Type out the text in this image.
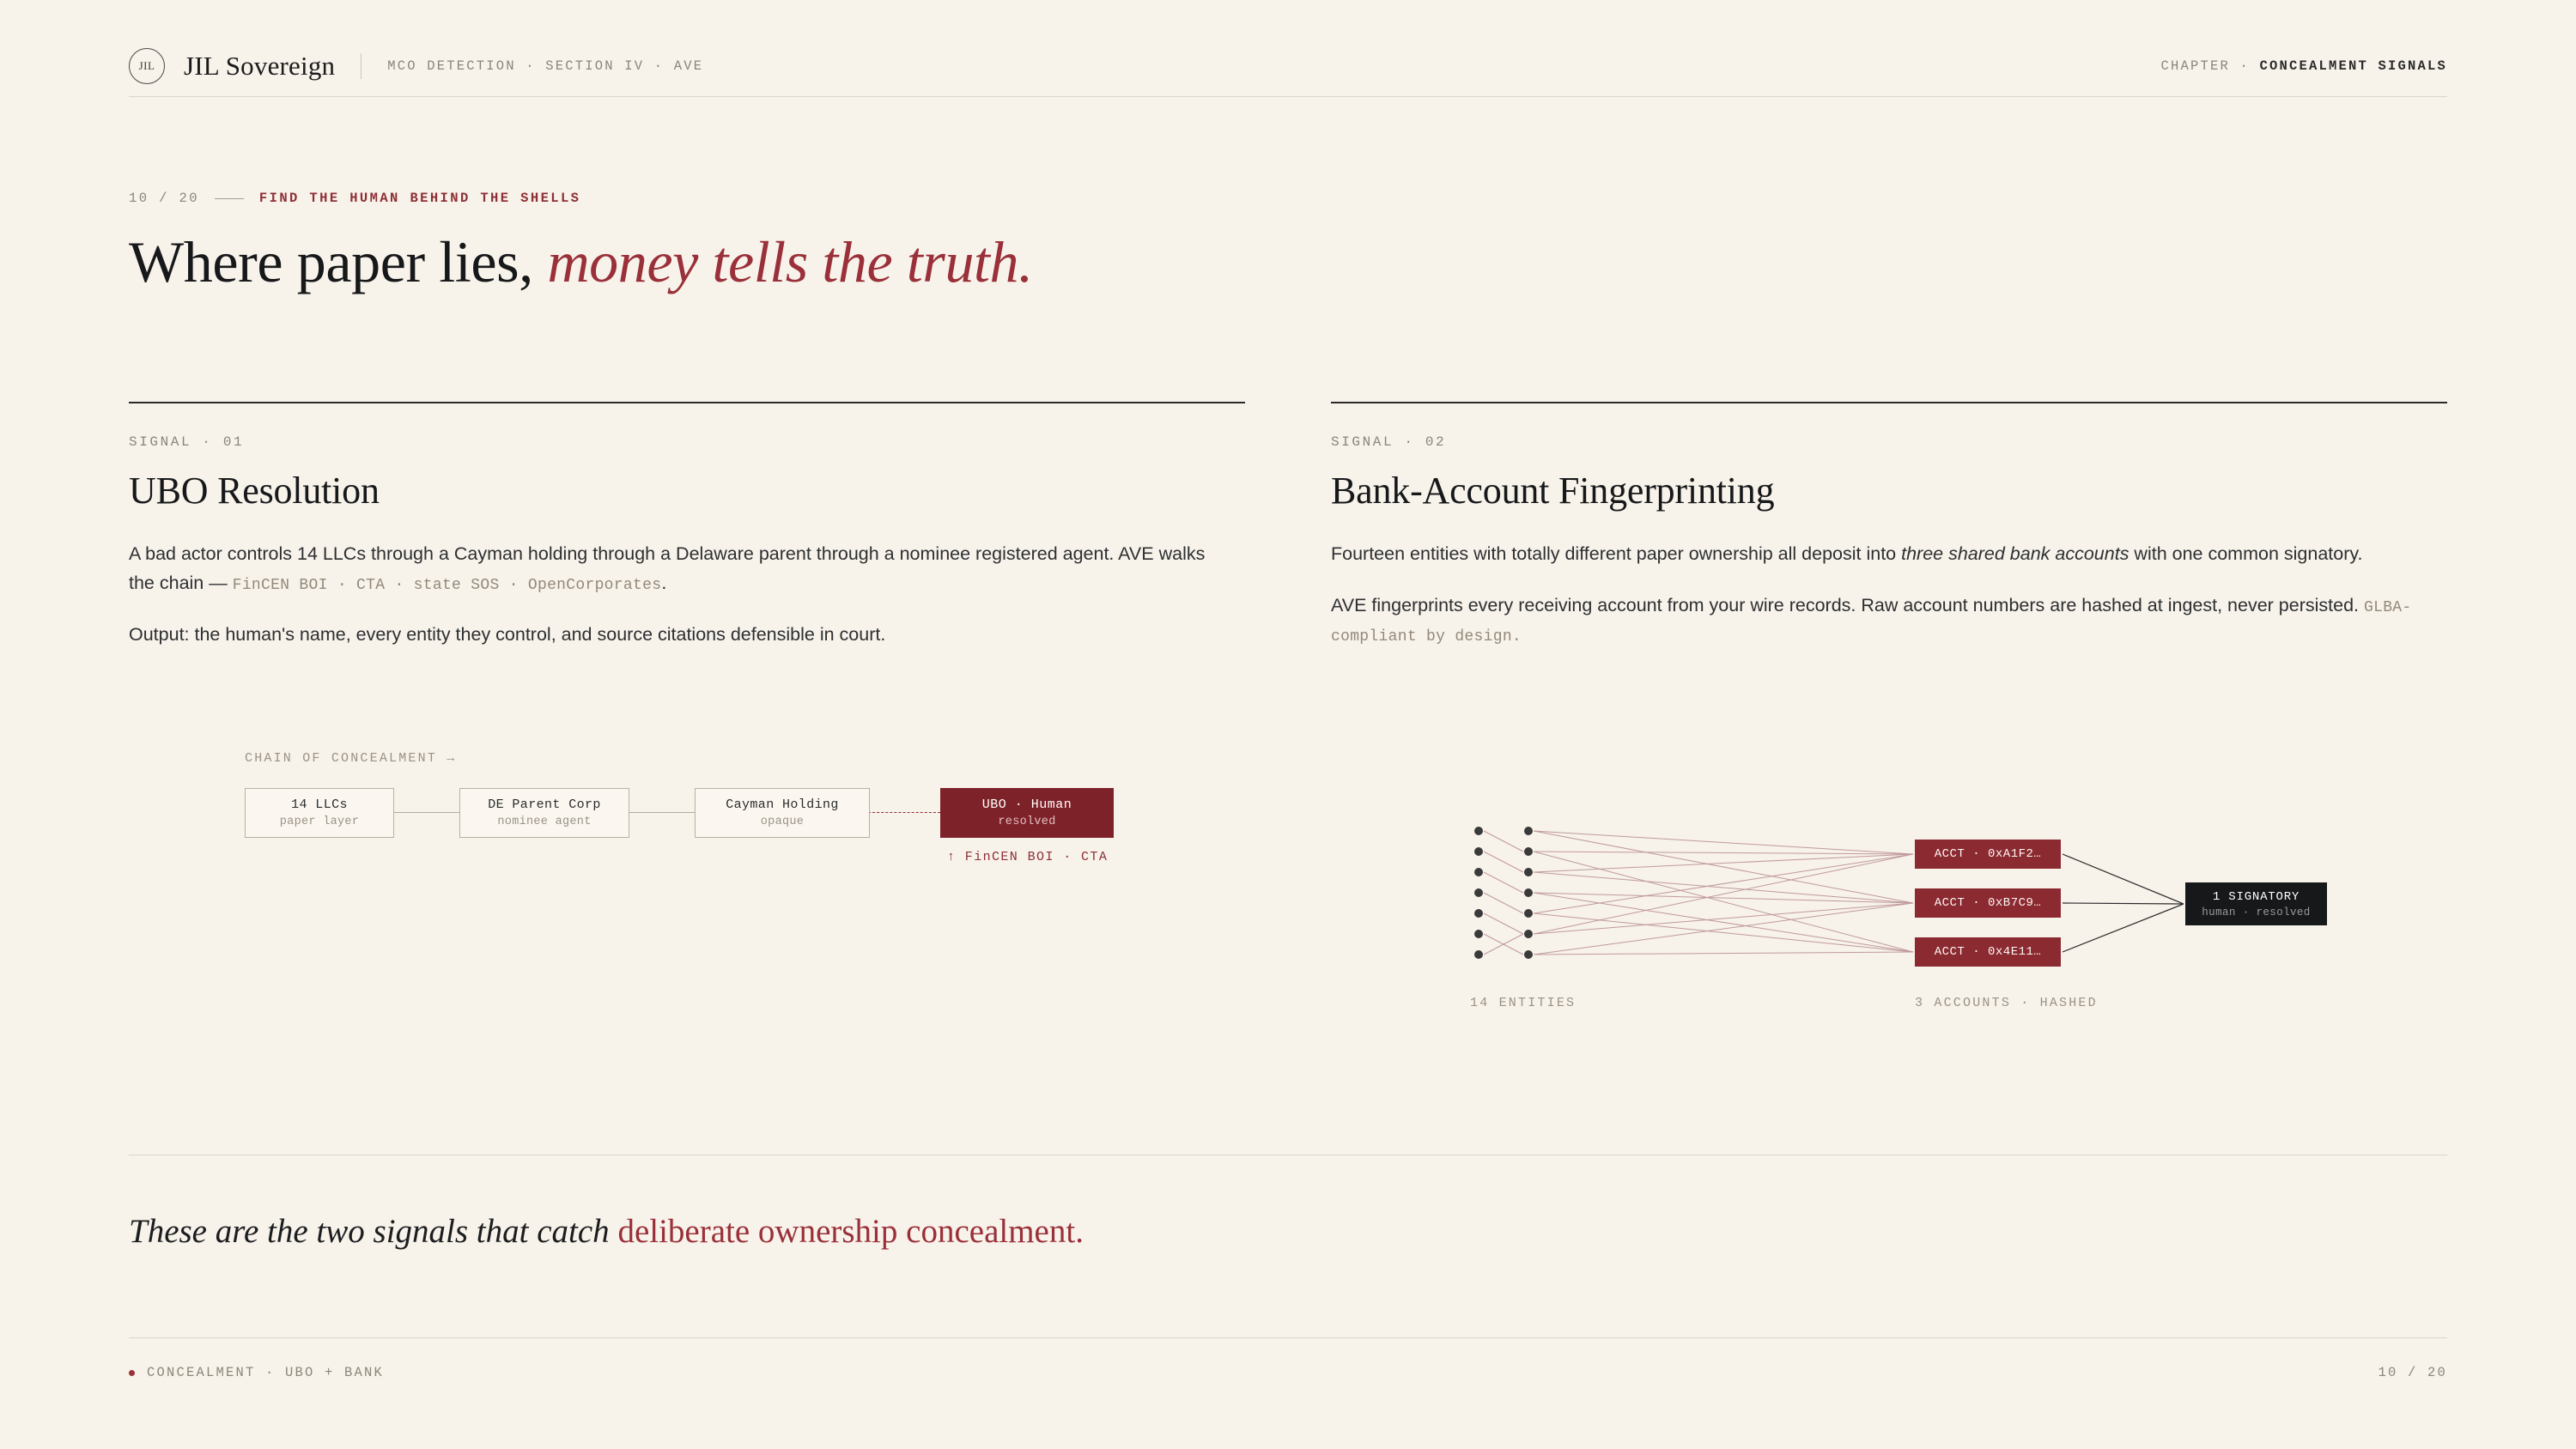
JIL	JIL Sovereign	MCO DETECTION · SECTION IV · AVE	CHAPTER · CONCEALMENT SIGNALS
10 / 20	FIND THE HUMAN BEHIND THE SHELLS
Where paper lies, money tells the truth.
SIGNAL · 01
UBO Resolution
A bad actor controls 14 LLCs through a Cayman holding through a Delaware parent through a nominee registered agent. AVE walks the chain — FinCEN BOI · CTA · state SOS · OpenCorporates.
Output: the human's name, every entity they control, and source citations defensible in court.
CHAIN OF CONCEALMENT →
14 LLCs
paper layer
DE Parent Corp
nominee agent
Cayman Holding
opaque
UBO · Human
resolved
↑ FinCEN BOI · CTA
SIGNAL · 02
Bank-Account Fingerprinting
Fourteen entities with totally different paper ownership all deposit into three shared bank accounts with one common signatory.
AVE fingerprints every receiving account from your wire records. Raw account numbers are hashed at ingest, never persisted. GLBA-compliant by design.
ACCT · 0xA1F2…
ACCT · 0xB7C9…
ACCT · 0x4E11…
1 SIGNATORY
human · resolved
14 ENTITIES	3 ACCOUNTS · HASHED
These are the two signals that catch deliberate ownership concealment.
CONCEALMENT · UBO + BANK	10 / 20
